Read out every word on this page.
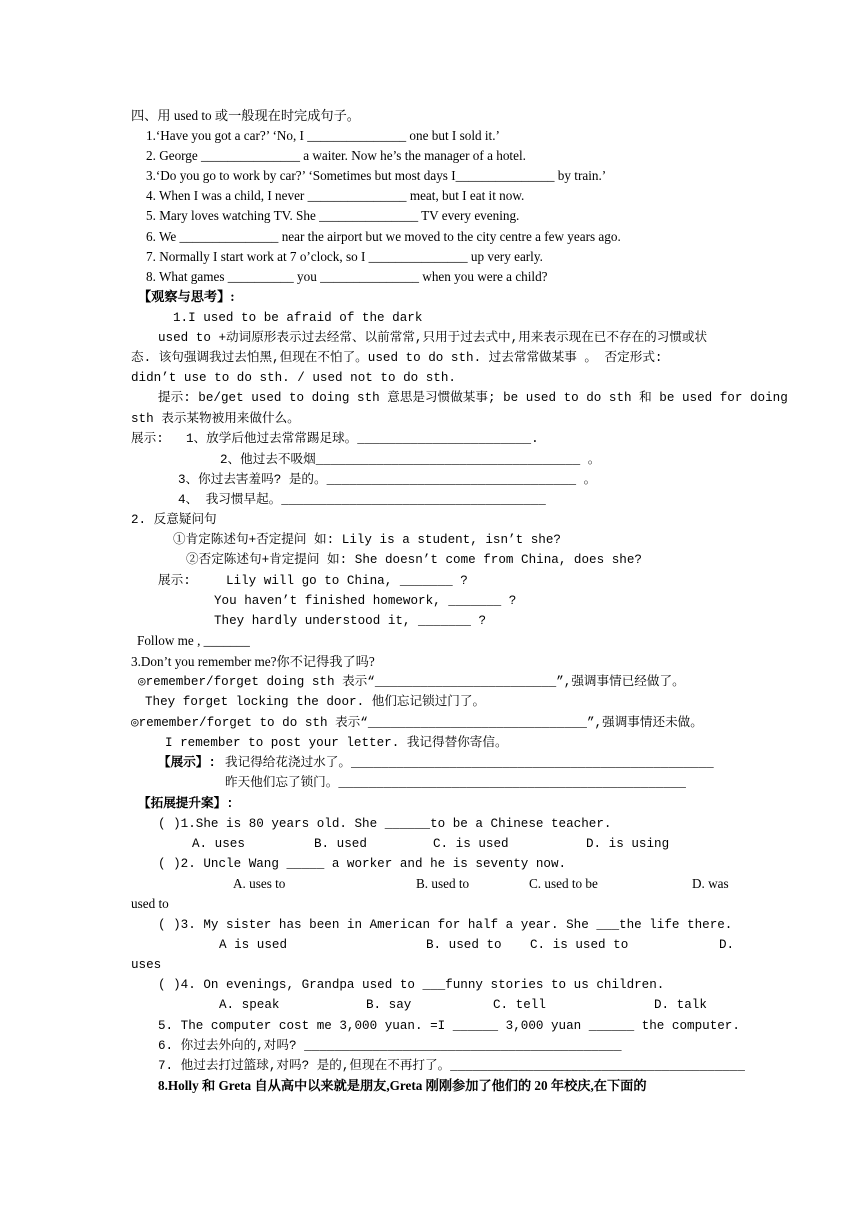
四、用 used to 或一般现在时完成句子。
1.‘Have you got a car?’ ‘No, I _______________ one but I sold it.’
2. George _______________ a waiter. Now he’s the manager of a hotel.
3.‘Do you go to work by car?’ ‘Sometimes but most days I_______________ by train.’
4. When I was a child, I never _______________ meat, but I eat it now.
5. Mary loves watching TV. She _______________ TV every evening.
6. We _______________ near the airport but we moved to the city centre a few years ago.
7. Normally I start work at 7 o’clock, so I _______________ up very early.
8. What games __________ you _______________ when you were a child?
【观察与思考】:
1.I used to be afraid of the dark
used to +动词原形表示过去经常、以前常常,只用于过去式中,用来表示现在已不存在的习惯或状
态. 该句强调我过去怕黑,但现在不怕了。used to do sth. 过去常常做某事 。 否定形式:
didn’t use to do sth. / used not to do sth.
提示: be/get used to doing sth 意思是习惯做某事; be used to do sth 和 be used for doing
sth 表示某物被用来做什么。
展示: 1、放学后他过去常常踢足球。_______________________.
2、他过去不吸烟___________________________________ 。
3、你过去害羞吗? 是的。_________________________________ 。
4、 我习惯早起。___________________________________
2. 反意疑问句
①肯定陈述句+否定提问 如: Lily is a student, isn’t she?
②否定陈述句+肯定提问 如: She doesn’t come from China, does she?
展示:	Lily will go to China, _______ ?
You haven’t finished homework, _______ ?
They hardly understood it, _______ ?
Follow me , _______
3.Don’t you remember me?你不记得我了吗?
◎remember/forget doing sth 表示“________________________”,强调事情已经做了。
They forget locking the door. 他们忘记锁过门了。
◎remember/forget to do sth 表示“_____________________________”,强调事情还未做。
I remember to post your letter. 我记得替你寄信。
【展示】: 我记得给花浇过水了。________________________________________________
昨天他们忘了锁门。______________________________________________
【拓展提升案】:
( )1.She is 80 years old. She ______to be a Chinese teacher.
A. uses	B. used	C. is used	D. is using
( )2. Uncle Wang _____ a worker and he is seventy now.
A. uses to	B. used to	C. used to be	D. was
used to
( )3. My sister has been in American for half a year. She ___the life there.
A is used	B. used to C. is used to	D.
uses
( )4. On evenings, Grandpa used to ___funny stories to us children.
A. speak	B. say	C. tell	D. talk
5. The computer cost me 3,000 yuan. =I ______ 3,000 yuan ______ the computer.
6. 你过去外向的,对吗? __________________________________________
7. 他过去打过篮球,对吗? 是的,但现在不再打了。_______________________________________
8.Holly 和 Greta 自从高中以来就是朋友,Greta 刚刚参加了他们的 20 年校庆,在下面的
